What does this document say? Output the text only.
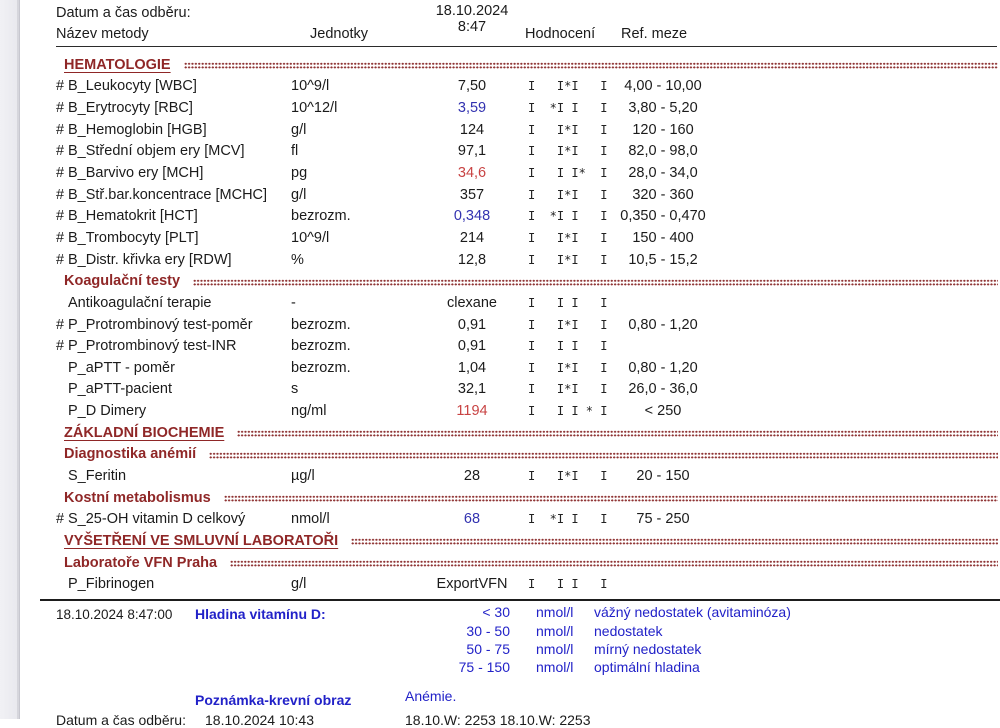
Datum a čas odběru:	18.10.2024
8:47
Název metody	Jednotky	Hodnocení Ref. meze
HEMATOLOGIE
# B_Leukocyty [WBC]	10^9/l	7,50	I   I*I   I	4,00 - 10,00
# B_Erytrocyty [RBC]	10^12/l	3,59	I  *I I   I	3,80 - 5,20
# B_Hemoglobin [HGB]	g/l	124	I   I*I   I	120 - 160
# B_Střední objem ery [MCV]	fl	97,1	I   I*I   I	82,0 - 98,0
# B_Barvivo ery [MCH]	pg	34,6	I   I I*  I	28,0 - 34,0
# B_Stř.bar.koncentrace [MCHC]	g/l	357	I   I*I   I	320 - 360
# B_Hematokrit [HCT]	bezrozm.	0,348	I  *I I   I 0,350 - 0,470
# B_Trombocyty [PLT]	10^9/l	214	I   I*I   I	150 - 400
# B_Distr. křivka ery [RDW]	%	12,8	I   I*I   I	10,5 - 15,2
Koagulační testy
Antikoagulační terapie	-	clexane	I   I I   I
# P_Protrombinový test-poměr	bezrozm.	0,91	I   I*I   I	0,80 - 1,20
# P_Protrombinový test-INR	bezrozm.	0,91	I   I I   I
P_aPTT - poměr	bezrozm.	1,04	I   I*I   I	0,80 - 1,20
P_aPTT-pacient	s	32,1	I   I*I   I	26,0 - 36,0
P_D Dimery	ng/ml	1194	I   I I * I	< 250
ZÁKLADNÍ BIOCHEMIE
Diagnostika anémií
S_Feritin	µg/l	28	I   I*I   I	20 - 150
Kostní metabolismus
# S_25-OH vitamin D celkový	nmol/l	68	I  *I I   I	75 - 250
VYŠETŘENÍ VE SMLUVNÍ LABORATOŘI
Laboratoře VFN Praha
P_Fibrinogen	g/l	ExportVFN	I   I I   I
18.10.2024 8:47:00 Hladina vitamínu D:	< 30 nmol/l	vážný nedostatek (avitaminóza)
30 - 50 nmol/l	nedostatek
50 - 75 nmol/l	mírný nedostatek
75 - 150 nmol/l	optimální hladina
Poznámka-krevní obraz	Anémie.
Datum a čas odběru: 18.10.2024 10:43	18.10.W: 2253 18.10.W: 2253
